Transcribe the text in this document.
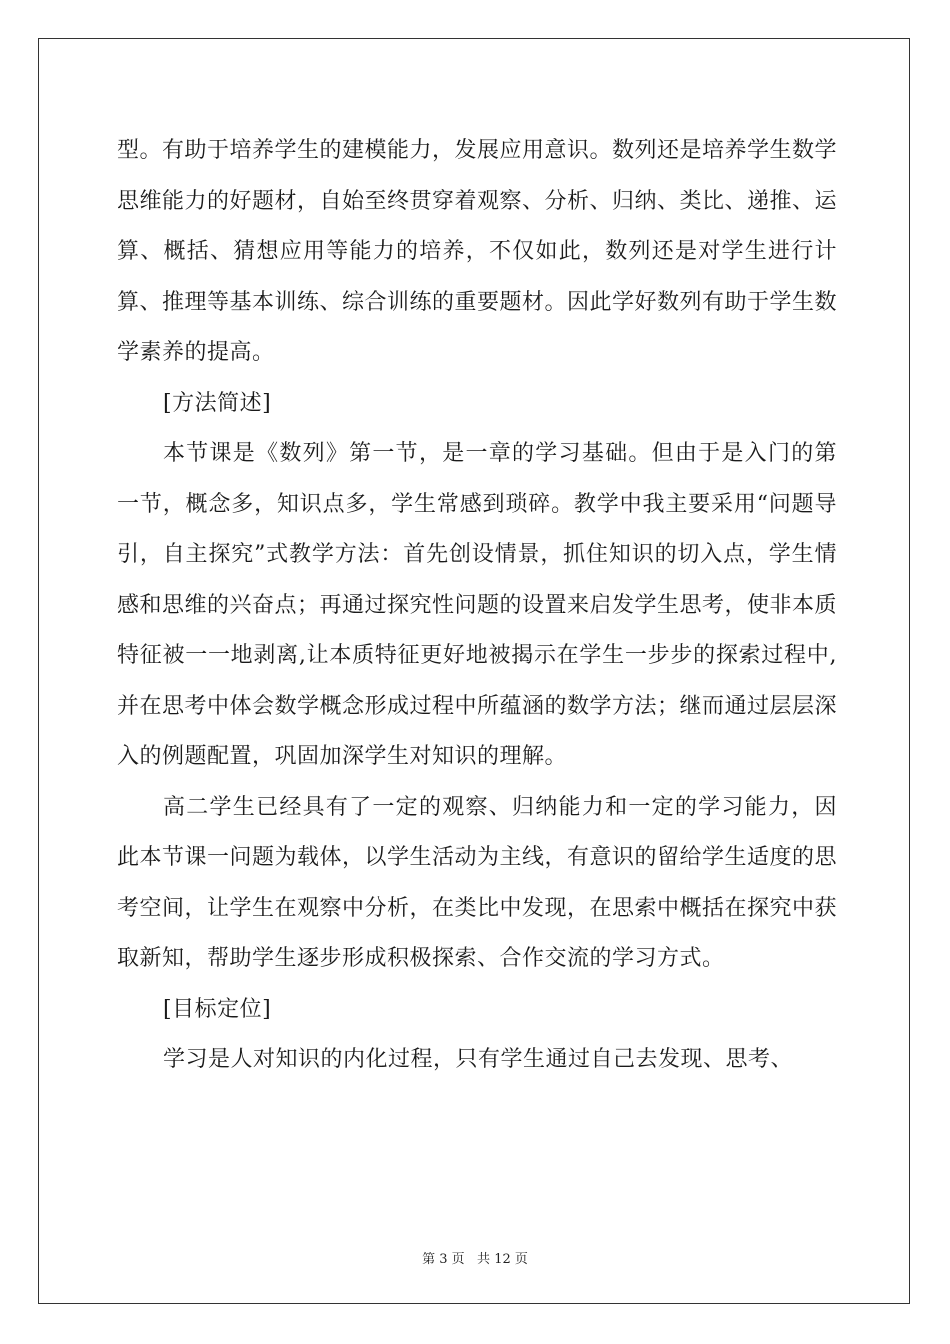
型。有助于培养学生的建模能力，发展应用意识。数列还是培养学生数学思维能力的好题材，自始至终贯穿着观察、分析、归纳、类比、递推、运算、概括、猜想应用等能力的培养，不仅如此，数列还是对学生进行计算、推理等基本训练、综合训练的重要题材。因此学好数列有助于学生数学素养的提高。

[方法简述]

本节课是《数列》第一节，是一章的学习基础。但由于是入门的第一节，概念多，知识点多，学生常感到琐碎。教学中我主要采用“问题导引，自主探究”式教学方法：首先创设情景，抓住知识的切入点，学生情感和思维的兴奋点；再通过探究性问题的设置来启发学生思考，使非本质特征被一一地剥离,让本质特征更好地被揭示在学生一步步的探索过程中,并在思考中体会数学概念形成过程中所蕴涵的数学方法；继而通过层层深入的例题配置，巩固加深学生对知识的理解。

高二学生已经具有了一定的观察、归纳能力和一定的学习能力，因此本节课一问题为载体，以学生活动为主线，有意识的留给学生适度的思考空间，让学生在观察中分析，在类比中发现，在思索中概括在探究中获取新知，帮助学生逐步形成积极探索、合作交流的学习方式。

[目标定位]

学习是人对知识的内化过程，只有学生通过自己去发现、思考、

第 3 页   共 12 页
